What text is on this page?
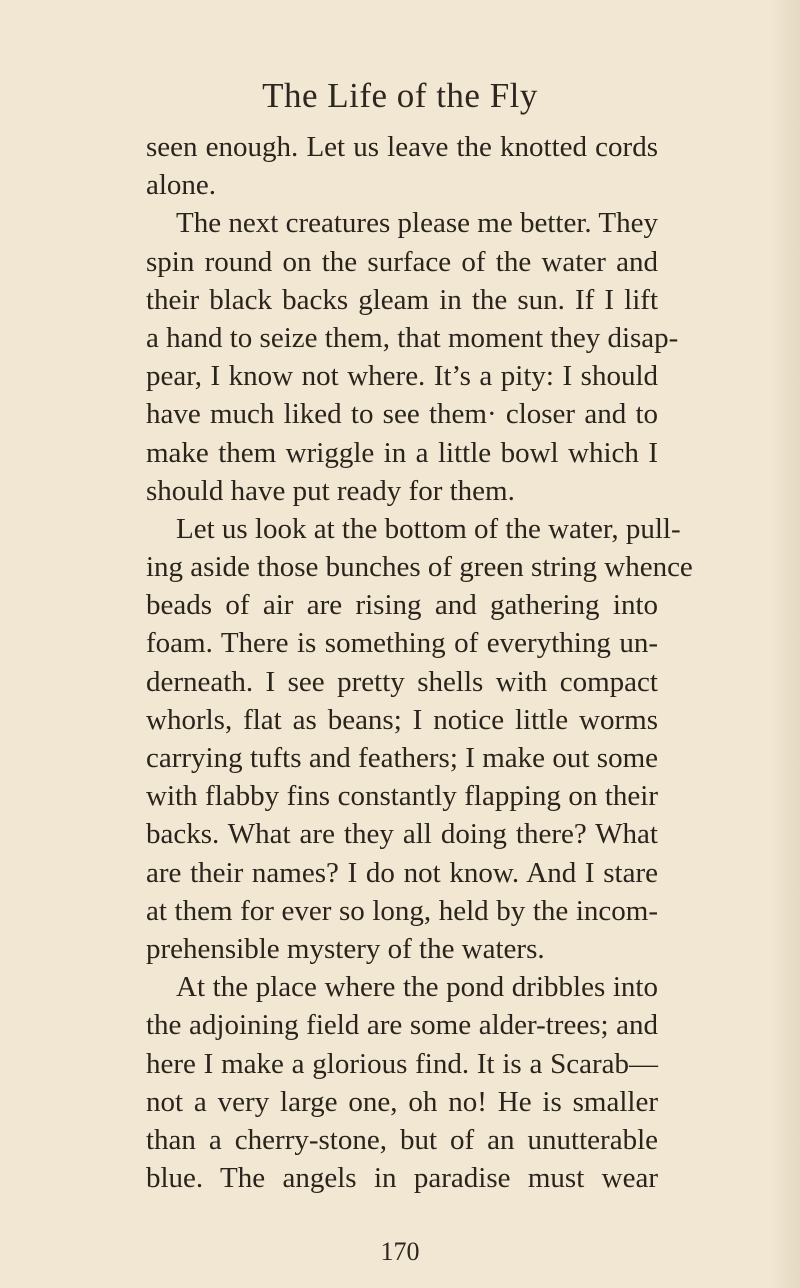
The Life of the Fly
seen enough. Let us leave the knotted cords
alone.
The next creatures please me better. They
spin round on the surface of the water and
their black backs gleam in the sun. If I lift
a hand to seize them, that moment they disap-
pear, I know not where. It’s a pity: I should
have much liked to see them· closer and to
make them wriggle in a little bowl which I
should have put ready for them.
Let us look at the bottom of the water, pull-
ing aside those bunches of green string whence
beads of air are rising and gathering into
foam. There is something of everything un-
derneath. I see pretty shells with compact
whorls, flat as beans; I notice little worms
carrying tufts and feathers; I make out some
with flabby fins constantly flapping on their
backs. What are they all doing there? What
are their names? I do not know. And I stare
at them for ever so long, held by the incom-
prehensible mystery of the waters.
At the place where the pond dribbles into
the adjoining field are some alder-trees; and
here I make a glorious find. It is a Scarab—
not a very large one, oh no! He is smaller
than a cherry-stone, but of an unutterable
blue. The angels in paradise must wear
170
